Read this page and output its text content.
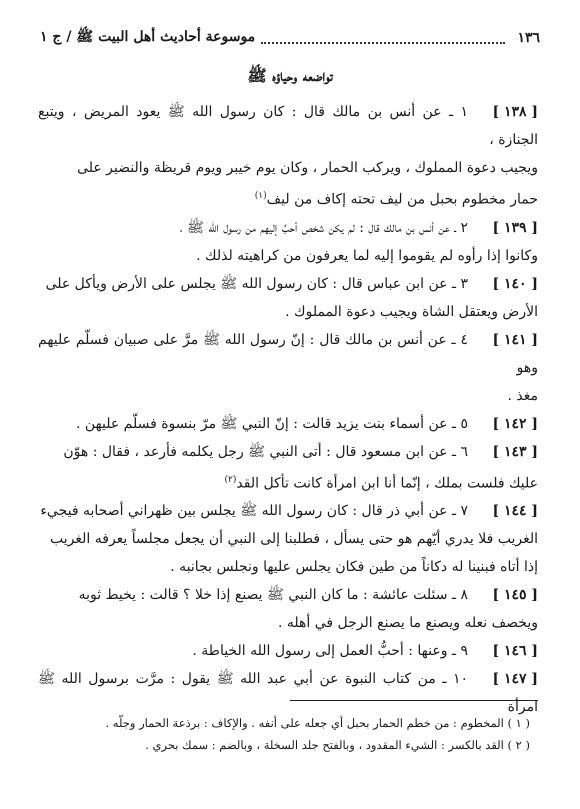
١٣٦
موسوعة أحاديث أهل البيت ﷺ / ج ١
تواضعه وحياؤه ﷺ

[ ١٣٨ ]١ ـ عن أنس بن مالك قال : كان رسول الله ﷺ يعود المريض ، ويتبع الجنازة ،
ويجيب دعوة المملوك ، ويركب الحمار ، وكان يوم خيبر ويوم قريظة والنضير على
حمار مخطوم بحبل من ليف تحته إكاف من ليف$^{(١)}$

[ ١٣٩ ]٢ ـ عن أنس بن مالك قال : لم يكن شخص أحبَّ إليهم من رسول الله ﷺ ،
وكانوا إذا رأوه لم يقوموا إليه لما يعرفون من كراهيته لذلك .

[ ١٤٠ ]٣ ـ عن ابن عباس قال : كان رسول الله ﷺ يجلس على الأرض ويأكل على
الأرض ويعتقل الشاة ويجيب دعوة المملوك .

[ ١٤١ ]٤ ـ عن أنس بن مالك قال : إنّ رسول الله ﷺ مرَّ على صبيان فسلّم عليهم وهو
مغذ .

[ ١٤٢ ]٥ ـ عن أسماء بنت يزيد قالت : إنّ النبي ﷺ مرّ بنسوة فسلّم عليهن .

[ ١٤٣ ]٦ ـ عن ابن مسعود قال : أتى النبي ﷺ رجل يكلمه فأرعد ، فقال : هوّن
عليك فلست بملك ، إنّما أنا ابن امرأة كانت تأكل القد$^{(٢)}$

[ ١٤٤ ]٧ ـ عن أبي ذر قال : كان رسول الله ﷺ يجلس بين ظهراني أصحابه فيجيء
الغريب فلا يدري أيّهم هو حتى يسأل ، فطلبنا إلى النبي أن يجعل مجلساً يعرفه الغريب
إذا أتاه فبنينا له دكاناً من طين فكان يجلس عليها ونجلس بجانبه .

[ ١٤٥ ]٨ ـ سئلت عائشة : ما كان النبي ﷺ يصنع إذا خلا ؟ قالت : يخيط ثوبه
ويخصف نعله ويصنع ما يصنع الرجل في أهله .

[ ١٤٦ ]٩ ـ وعنها : أحبُّ العمل إلى رسول الله الخياطة .

[ ١٤٧ ]١٠ ـ من كتاب النبوة عن أبي عبد الله ﷺ يقول : مرَّت برسول الله ﷺ امرأة

( ١ ) المخطوم : من خطم الحمار بحبل أي جعله على أنفه . والإكاف : برذعة الحمار وجلّه .

( ٢ ) القد بالكسر : الشيء المقدود ، وبالفتح جلد السخلة ، وبالضم : سمك بحري .
